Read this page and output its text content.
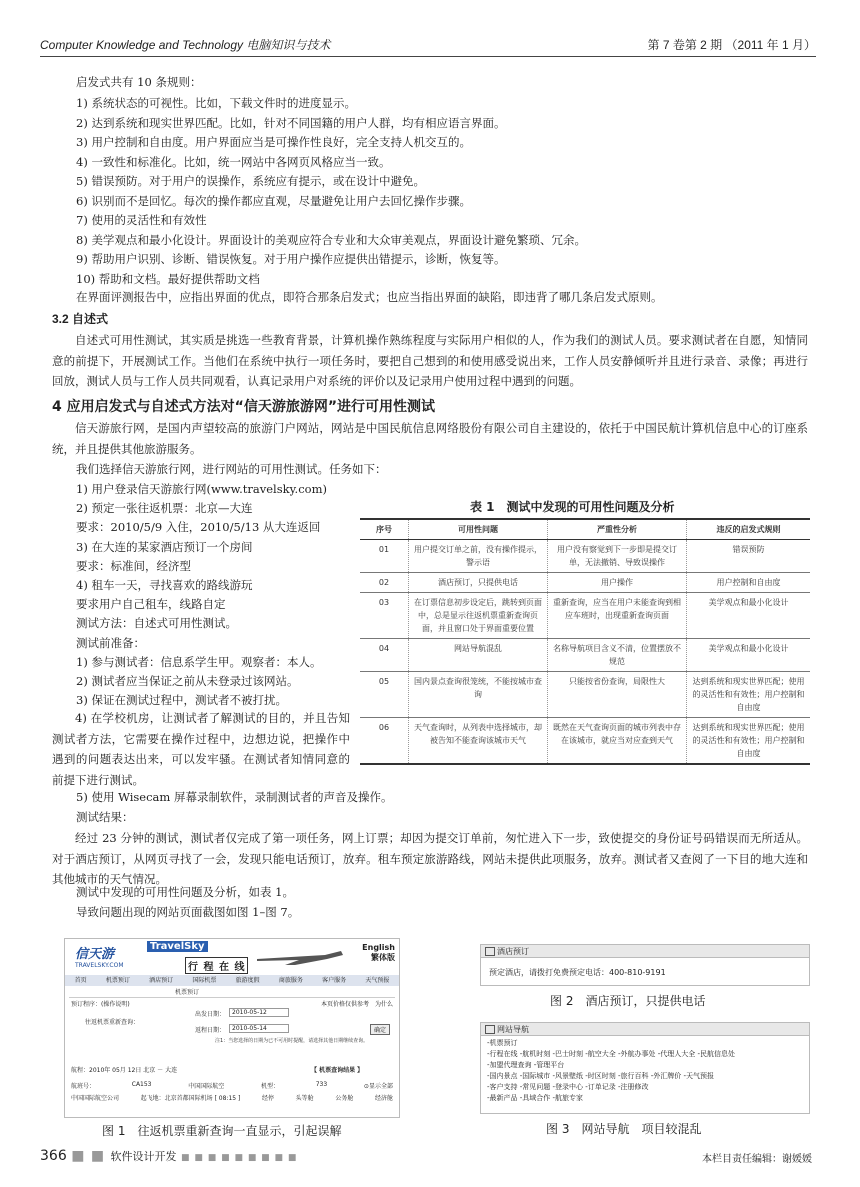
Computer Knowledge and Technology 电脑知识与技术	第 7 卷第 2 期 （2011 年 1 月）
启发式共有 10 条规则：
1) 系统状态的可视性。比如，下载文件时的进度显示。
2) 达到系统和现实世界匹配。比如，针对不同国籍的用户人群，均有相应语言界面。
3) 用户控制和自由度。用户界面应当是可操作性良好，完全支持人机交互的。
4) 一致性和标准化。比如，统一网站中各网页风格应当一致。
5) 错误预防。对于用户的误操作，系统应有提示，或在设计中避免。
6) 识别而不是回忆。每次的操作都应直观，尽量避免让用户去回忆操作步骤。
7) 使用的灵活性和有效性
8) 美学观点和最小化设计。界面设计的美观应符合专业和大众审美观点，界面设计避免繁琐、冗余。
9) 帮助用户识别、诊断、错误恢复。对于用户操作应提供出错提示，诊断，恢复等。
10) 帮助和文档。最好提供帮助文档
在界面评测报告中，应指出界面的优点，即符合那条启发式；也应当指出界面的缺陷，即违背了哪几条启发式原则。
3.2 自述式
自述式可用性测试，其实质是挑选一些教育背景，计算机操作熟练程度与实际用户相似的人，作为我们的测试人员。要求测试者在自愿，知情同意的前提下，开展测试工作。当他们在系统中执行一项任务时，要把自己想到的和使用感受说出来，工作人员安静倾听并且进行录音、录像；再进行回放，测试人员与工作人员共同观看，认真记录用户对系统的评价以及记录用户使用过程中遇到的问题。
4 应用启发式与自述式方法对“信天游旅游网”进行可用性测试
信天游旅行网，是国内声望较高的旅游门户网站，网站是中国民航信息网络股份有限公司自主建设的，依托于中国民航计算机信息中心的订座系统，并且提供其他旅游服务。
我们选择信天游旅行网，进行网站的可用性测试。任务如下：
1) 用户登录信天游旅行网(www.travelsky.com)
2) 预定一张往返机票：北京—大连
要求：2010/5/9 入住，2010/5/13 从大连返回
3) 在大连的某家酒店预订一个房间
要求：标准间，经济型
4) 租车一天，寻找喜欢的路线游玩
要求用户自己租车，线路自定
测试方法：自述式可用性测试。
测试前准备：
1) 参与测试者：信息系学生甲。观察者：本人。
2) 测试者应当保证之前从未登录过该网站。
3) 保证在测试过程中，测试者不被打扰。
4) 在学校机房，让测试者了解测试的目的，并且告知测试者方法，它需要在操作过程中，边想边说，把操作中遇到的问题表达出来，可以发牢骚。在测试者知情同意的前提下进行测试。
5) 使用 Wisecam 屏幕录制软件，录制测试者的声音及操作。
测试结果：
经过 23 分钟的测试，测试者仅完成了第一项任务，网上订票；却因为提交订单前，匆忙进入下一步，致使提交的身份证号码错误而无所适从。对于酒店预订，从网页寻找了一会，发现只能电话预订，放弃。租车预定旅游路线，网站未提供此项服务，放弃。测试者又查阅了一下目的地大连和其他城市的天气情况。
测试中发现的可用性问题及分析，如表 1。
导致问题出现的网站页面截图如图 1–图 7。
表 1　测试中发现的可用性问题及分析
序号	可用性问题	严重性分析	违反的启发式规则
01	用户提交订单之前，没有操作提示，警示语	用户没有察觉到下一步即是提交订单，无法撤销、导致误操作	错误预防
02	酒店预订，只提供电话	用户操作	用户控制和自由度
03	在订票信息初步设定后，跳转到页面中，总是显示往返机票重新查询页面，并且窗口处于界面重要位置	重新查询，应当在用户未能查询到相应车班时，出现重新查询页面	美学观点和最小化设计
04	网站导航混乱	名称导航项目含义不清，位置摆放不规范	美学观点和最小化设计
05	国内景点查询很笼统，不能按城市查询	只能按省份查询，局限性大	达到系统和现实世界匹配；使用的灵活性和有效性；用户控制和自由度
06	天气查询时，从列表中选择城市，却被告知不能查询该城市天气	既然在天气查询页面的城市列表中存在该城市，就应当对应查到天气	达到系统和现实世界匹配；使用的灵活性和有效性；用户控制和自由度
信天游
TRAVELSKY.COM
TravelSky
行 程 在 线
English 繁体版
首页	机票预订	酒店预订	国际机票	旅游度假	商旅服务	客户服务	天气预报
机票预订
预订程序：(操作说明)	本页价格仅供参考　为什么
往返机票重新查询：
出发日期：	2010-05-12
返程日期：	2010-05-14	确定
注1：当您选择的日期为已不可用时提醒，请选择其他日期继续查询。
航程：2010年 05月 12日 北京 － 大连	【 机票查询结果 】
航班号：	CA153	中国国际航空	机型：	733	⊙显示全部
中国国际航空公司	起飞地：北京首都国际机场 [ 08:15 ]	经停	头等舱	公务舱	经济舱
图 1　往返机票重新查询一直显示，引起误解
酒店预订
预定酒店，请拨打免费预定电话：400-810-9191
图 2　酒店预订，只提供电话
网站导航
-机票预订
-行程在线 -航机时刻 -巴士时刻 -航空大全 -外航办事处 -代理人大全 -民航信息处
-加盟代理查询 -管理平台
-国内景点 -国际城市 -风景壁纸 -时区时刻 -旅行百科 -外汇牌价 -天气预报
-客户支持 -常见问题 -登录中心 -订单记录 -注册修改
-最新产品 -具域合作 -航旅专家
图 3　网站导航　项目较混乱
366 ■ ■ 软件设计开发 ■ ■ ■ ■ ■ ■ ■ ■ ■	本栏目责任编辑：谢媛媛
